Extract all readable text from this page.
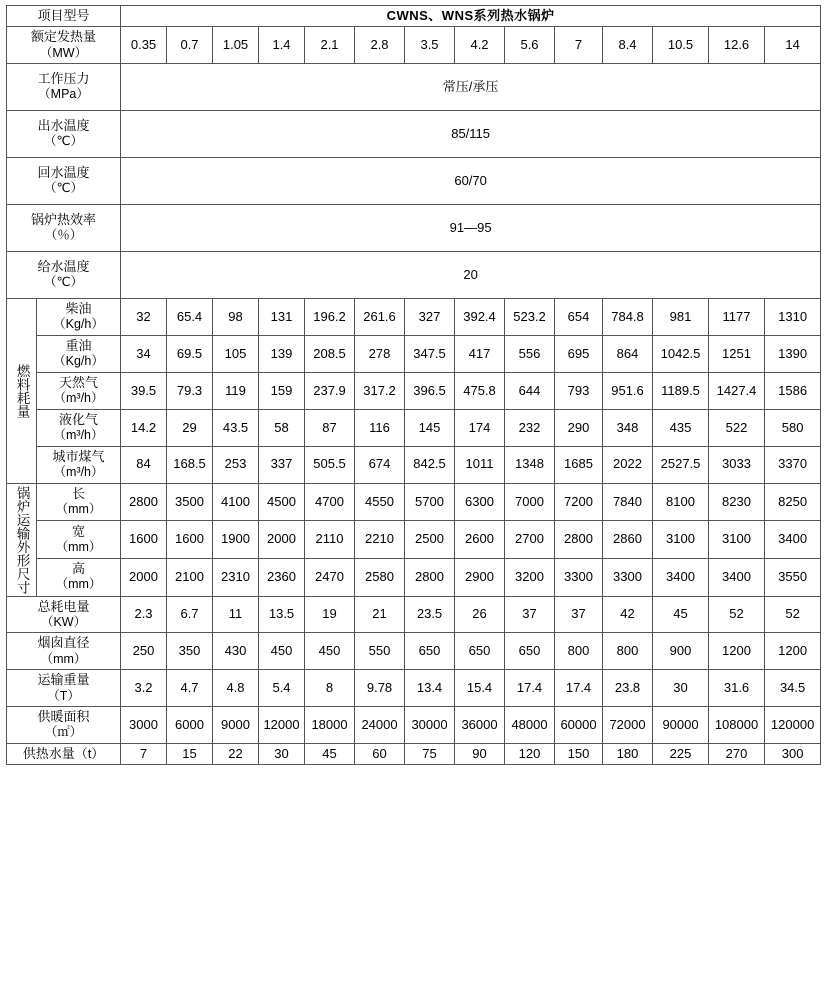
项目型号		CWNS、WNS系列热水锅炉													

额定发热量
（MW）		0.35	0.7	1.05	1.4	2.1	2.8	3.5	4.2	5.6	7	8.4	10.5	12.6	14

工作压力
（MPa）		常压/承压													

出水温度
（℃）		85/115													

回水温度
（℃）		60/70													

锅炉热效率
（％）		91—95													

给水温度
（℃）		20													

燃料耗量	柴油
（Kg/h）	32	65.4	98	131	196.2	261.6	327	392.4	523.2	654	784.8	981	1177	1310

	重油
（Kg/h）	34	69.5	105	139	208.5	278	347.5	417	556	695	864	1042.5	1251	1390

	天然气
（m³/h）	39.5	79.3	119	159	237.9	317.2	396.5	475.8	644	793	951.6	1189.5	1427.4	1586

	液化气
（m³/h）	14.2	29	43.5	58	87	116	145	174	232	290	348	435	522	580

	城市煤气
（m³/h）	84	168.5	253	337	505.5	674	842.5	1011	1348	1685	2022	2527.5	3033	3370

锅炉运输外形尺寸	长
（mm）	2800	3500	4100	4500	4700	4550	5700	6300	7000	7200	7840	8100	8230	8250

	宽
（mm）	1600	1600	1900	2000	2110	2210	2500	2600	2700	2800	2860	3100	3100	3400

	高
（mm）	2000	2100	2310	2360	2470	2580	2800	2900	3200	3300	3300	3400	3400	3550

总耗电量
（KW）		2.3	6.7	11	13.5	19	21	23.5	26	37	37	42	45	52	52

烟囱直径
（mm）		250	350	430	450	450	550	650	650	650	800	800	900	1200	1200

运输重量
（T）		3.2	4.7	4.8	5.4	8	9.78	13.4	15.4	17.4	17.4	23.8	30	31.6	34.5

供暖面积
（㎡）		3000	6000	9000	12000	18000	24000	30000	36000	48000	60000	72000	90000	108000	120000

供热水量（t）		7	15	22	30	45	60	75	90	120	150	180	225	270	300
